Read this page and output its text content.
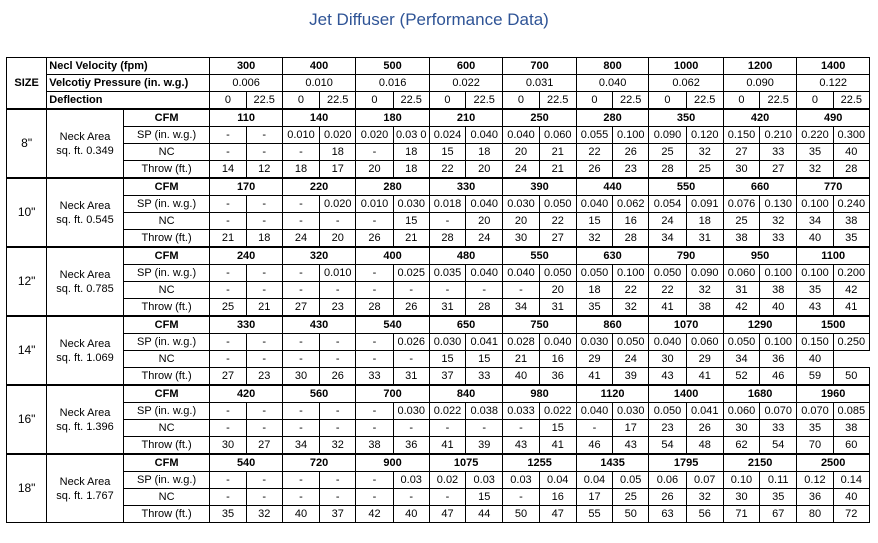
Jet Diffuser (Performance Data)
SIZE	Necl Velocity (fpm)		300		400		500		600		700		800		1000		1200		1400	
	Velcotiy Pressure (in. w.g.)		0.006		0.010		0.016		0.022		0.031		0.040		0.062		0.090		0.122	
	Deflection		0	22.5	0	22.5	0	22.5	0	22.5	0	22.5	0	22.5	0	22.5	0	22.5	0	22.5
8"	Neck Area
sq. ft. 0.349	CFM	110		140		180		210		250		280		350		420		490	
		SP (in. w.g.)	-	-	0.010	0.020	0.020	0.03 0	0.024	0.040	0.040	0.060	0.055	0.100	0.090	0.120	0.150	0.210	0.220	0.300
		NC	-	-	-	18	-	18	15	18	20	21	22	26	25	32	27	33	35	40
		Throw (ft.)	14	12	18	17	20	18	22	20	24	21	26	23	28	25	30	27	32	28
10"	Neck Area
sq. ft. 0.545	CFM	170		220		280		330		390		440		550		660		770	
		SP (in. w.g.)	-	-	-	0.020	0.010	0.030	0.018	0.040	0.030	0.050	0.040	0.062	0.054	0.091	0.076	0.130	0.100	0.240
		NC	-	-	-	-	-	15	-	20	20	22	15	16	24	18	25	32	34	38
		Throw (ft.)	21	18	24	20	26	21	28	24	30	27	32	28	34	31	38	33	40	35
12"	Neck Area
sq. ft. 0.785	CFM	240		320		400		480		550		630		790		950		1100	
		SP (in. w.g.)	-	-	-	0.010	-	0.025	0.035	0.040	0.040	0.050	0.050	0.100	0.050	0.090	0.060	0.100	0.100	0.200
		NC	-	-	-	-	-	-	-	-	-	20	18	22	22	32	31	38	35	42
		Throw (ft.)	25	21	27	23	28	26	31	28	34	31	35	32	41	38	42	40	43	41
14"	Neck Area
sq. ft. 1.069	CFM	330		430		540		650		750		860		1070		1290		1500	
		SP (in. w.g.)	-	-	-	-	-	0.026	0.030	0.041	0.028	0.040	0.030	0.050	0.040	0.060	0.050	0.100	0.150	0.250
		NC	-	-	-	-	-	-	15	15	21	16	29	24	30	29	34	36	40	
		Throw (ft.)	27	23	30	26	33	31	37	33	40	36	41	39	43	41	52	46	59	50
16"	Neck Area
sq. ft. 1.396	CFM	420		560		700		840		980		1120		1400		1680		1960	
		SP (in. w.g.)	-	-	-	-	-	0.030	0.022	0.038	0.033	0.022	0.040	0.030	0.050	0.041	0.060	0.070	0.070	0.085
		NC	-	-	-	-	-	-	-	-	-	15	-	17	23	26	30	33	35	38
		Throw (ft.)	30	27	34	32	38	36	41	39	43	41	46	43	54	48	62	54	70	60
18"	Neck Area
sq. ft. 1.767	CFM	540		720		900		1075		1255		1435		1795		2150		2500	
		SP (in. w.g.)	-	-	-	-	-	0.03	0.02	0.03	0.03	0.04	0.04	0.05	0.06	0.07	0.10	0.11	0.12	0.14
		NC	-	-	-	-	-	-	-	15	-	16	17	25	26	32	30	35	36	40
		Throw (ft.)	35	32	40	37	42	40	47	44	50	47	55	50	63	56	71	67	80	72
